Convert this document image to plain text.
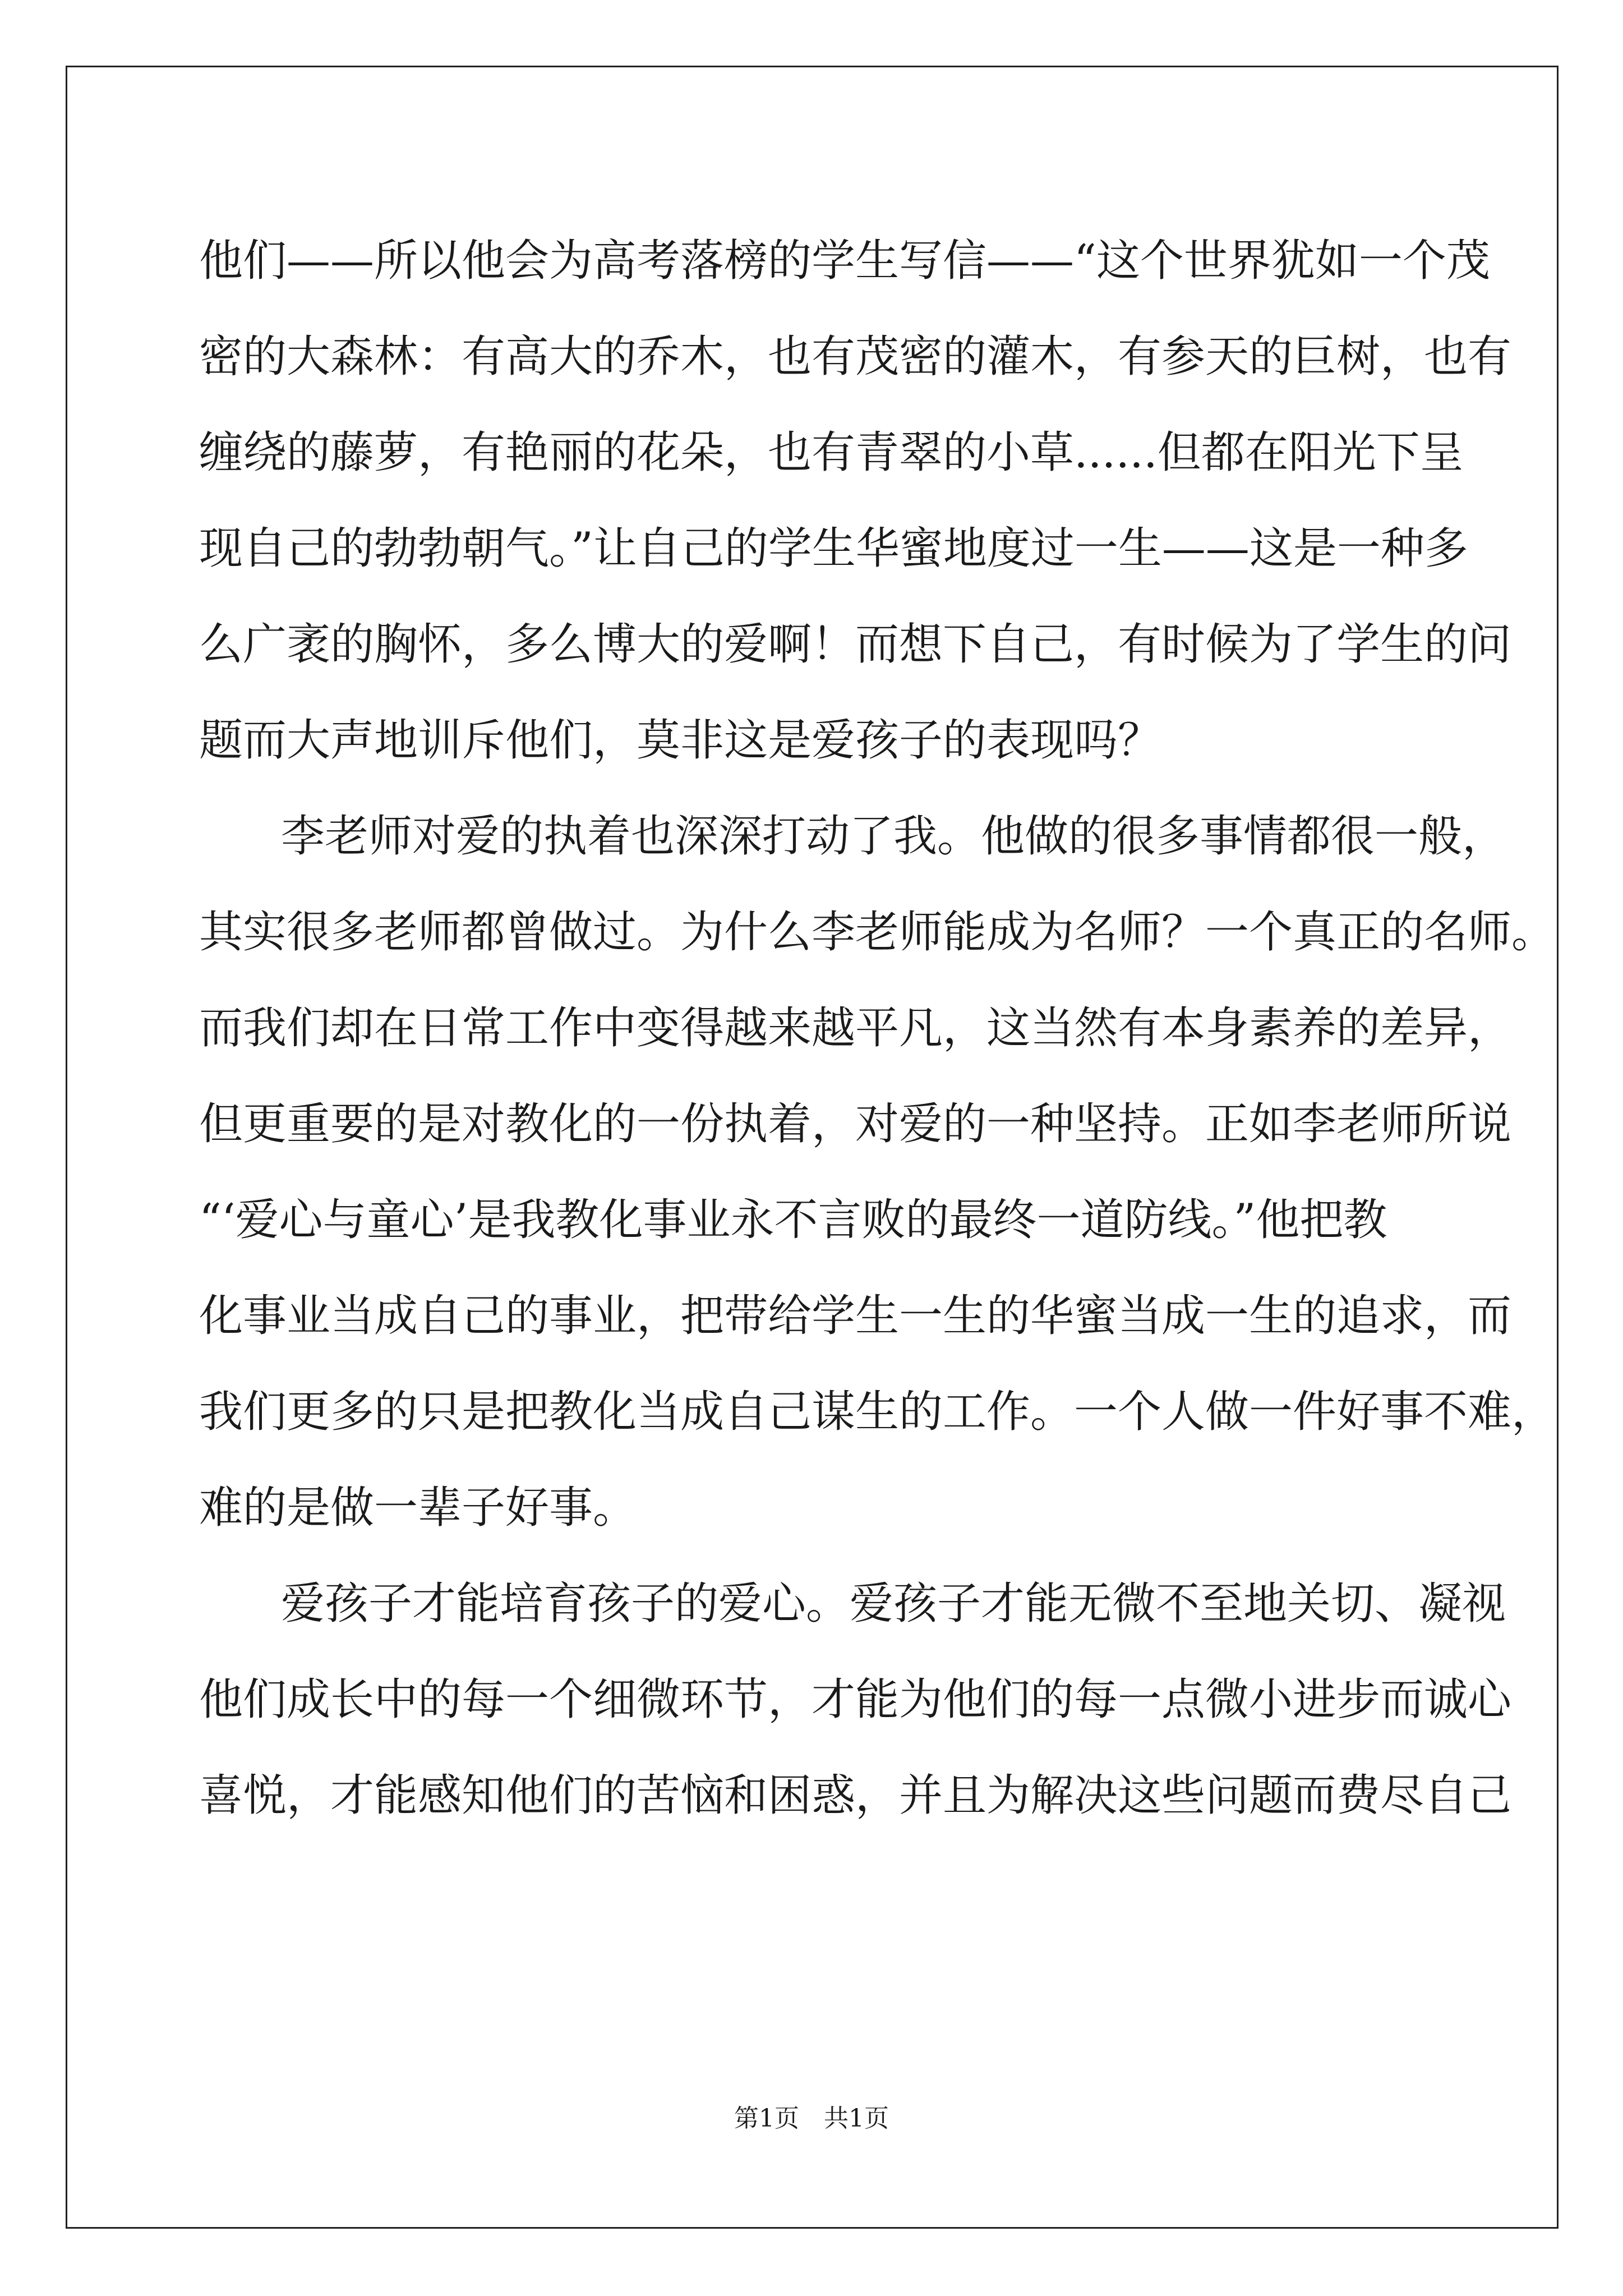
他们——所以他会为高考落榜的学生写信——“这个世界犹如一个茂
密的大森林：有高大的乔木，也有茂密的灌木，有参天的巨树，也有
缠绕的藤萝，有艳丽的花朵，也有青翠的小草......但都在阳光下呈
现自己的勃勃朝气。”让自己的学生华蜜地度过一生——这是一种多
么广袤的胸怀，多么博大的爱啊！而想下自己，有时候为了学生的问
题而大声地训斥他们，莫非这是爱孩子的表现吗？
李老师对爱的执着也深深打动了我。他做的很多事情都很一般，
其实很多老师都曾做过。为什么李老师能成为名师？一个真正的名师。
而我们却在日常工作中变得越来越平凡，这当然有本身素养的差异，
但更重要的是对教化的一份执着，对爱的一种坚持。正如李老师所说
“‘爱心与童心’是我教化事业永不言败的最终一道防线。”他把教
化事业当成自己的事业，把带给学生一生的华蜜当成一生的追求，而
我们更多的只是把教化当成自己谋生的工作。一个人做一件好事不难，
难的是做一辈子好事。
爱孩子才能培育孩子的爱心。爱孩子才能无微不至地关切、凝视
他们成长中的每一个细微环节，才能为他们的每一点微小进步而诚心
喜悦，才能感知他们的苦恼和困惑，并且为解决这些问题而费尽自己
第1页 共1页
